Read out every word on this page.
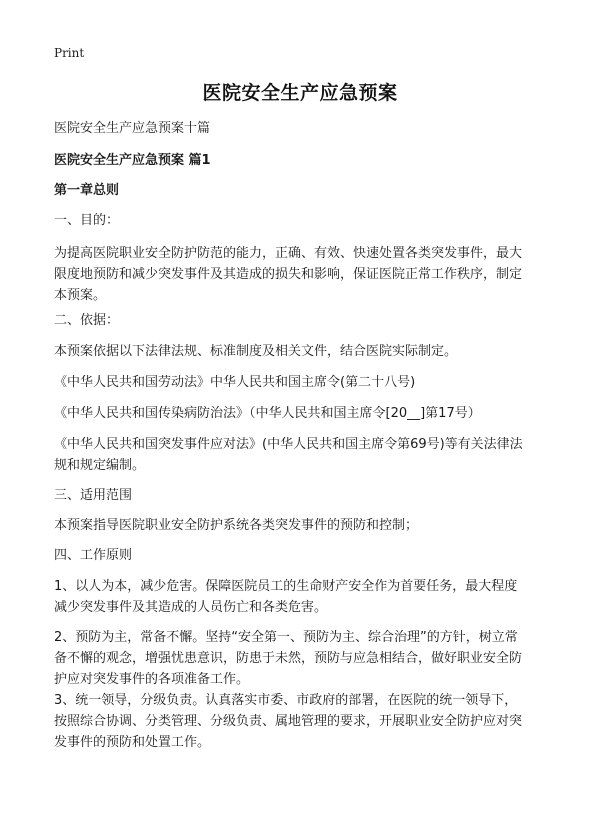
Print
医院安全生产应急预案
医院安全生产应急预案十篇
医院安全生产应急预案 篇1
第一章总则
一、目的：
为提高医院职业安全防护防范的能力，正确、有效、快速处置各类突发事件，最大
限度地预防和减少突发事件及其造成的损失和影响，保证医院正常工作秩序，制定
本预案。
二、依据：
本预案依据以下法律法规、标准制度及相关文件，结合医院实际制定。
《中华人民共和国劳动法》中华人民共和国主席令(第二十八号)
《中华人民共和国传染病防治法》（中华人民共和国主席令[20__]第17号）
《中华人民共和国突发事件应对法》(中华人民共和国主席令第69号)等有关法律法
规和规定编制。
三、适用范围
本预案指导医院职业安全防护系统各类突发事件的预防和控制；
四、工作原则
1、以人为本，减少危害。保障医院员工的生命财产安全作为首要任务，最大程度
减少突发事件及其造成的人员伤亡和各类危害。
2、预防为主，常备不懈。坚持“安全第一、预防为主、综合治理”的方针，树立常
备不懈的观念，增强忧患意识，防患于未然，预防与应急相结合，做好职业安全防
护应对突发事件的各项准备工作。
3、统一领导，分级负责。认真落实市委、市政府的部署，在医院的统一领导下，
按照综合协调、分类管理、分级负责、属地管理的要求，开展职业安全防护应对突
发事件的预防和处置工作。
